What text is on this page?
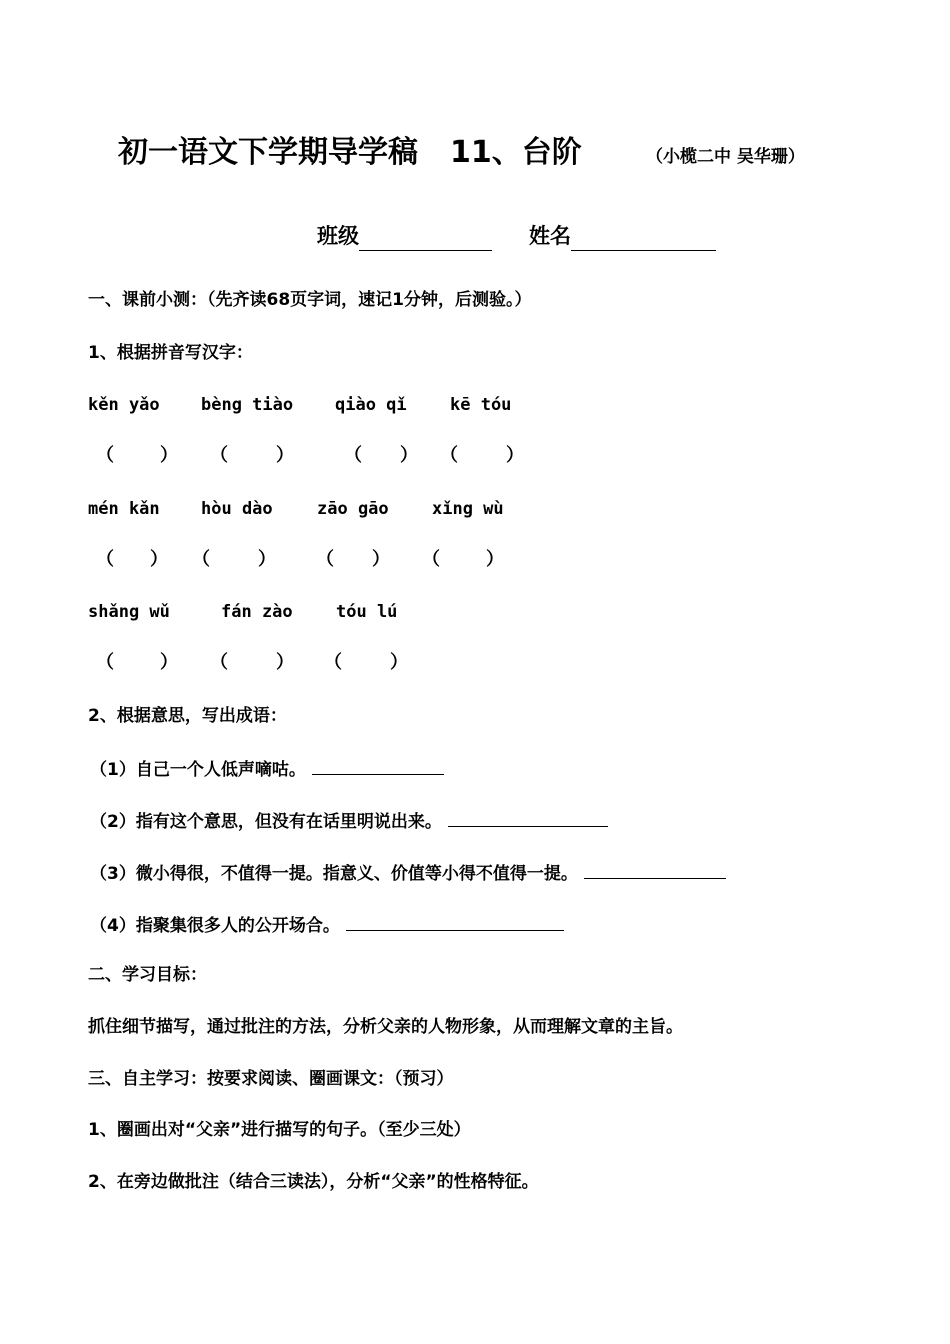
初一语文下学期导学稿 11、台阶	（小榄二中 吴华珊）
班级	姓名
一、课前小测：（先齐读68页字词，速记1分钟，后测验。）
1、根据拼音写汉字：
kěn yǎo bèng tiào qiào qǐ	kē tóu
（	） （	）	（ ） （	）
mén kǎn hòu dào	zāo gāo	xǐng wù
（ ） （	） （ ） （	）
shǎng wǔ	fán zào	tóu lú
（	） （	） （	）
2、根据意思，写出成语：
（1）自己一个人低声嘀咕。
（2）指有这个意思，但没有在话里明说出来。
（3）微小得很，不值得一提。指意义、价值等小得不值得一提。
（4）指聚集很多人的公开场合。
二、学习目标：
抓住细节描写，通过批注的方法，分析父亲的人物形象，从而理解文章的主旨。
三、自主学习：按要求阅读、圈画课文：（预习）
1、圈画出对“父亲”进行描写的句子。（至少三处）
2、在旁边做批注（结合三读法），分析“父亲”的性格特征。
